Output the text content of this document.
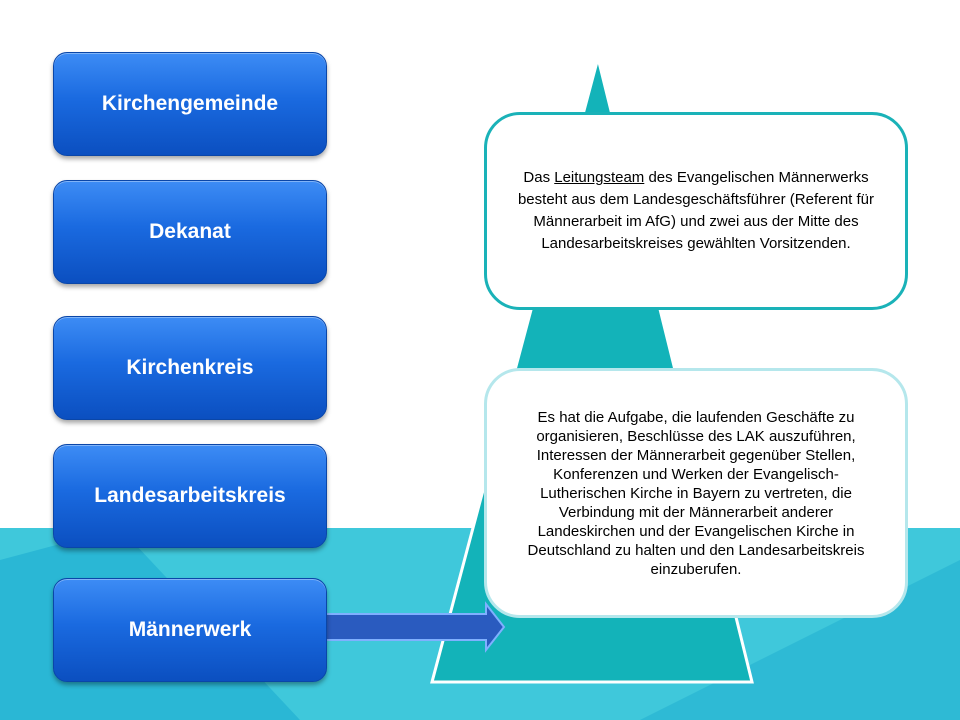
Kirchengemeinde
Dekanat
Kirchenkreis
Landesarbeitskreis
Männerwerk
Das Leitungsteam des Evangelischen Männerwerks besteht aus dem Landesgeschäftsführer (Referent für Männerarbeit im AfG) und zwei aus der Mitte des Landesarbeitskreises gewählten Vorsitzenden.
Es hat die Aufgabe, die laufenden Geschäfte zu organisieren, Beschlüsse des LAK auszuführen, Interessen der Männerarbeit gegenüber Stellen, Konferenzen und Werken der Evangelisch-Lutherischen Kirche in Bayern zu vertreten, die Verbindung mit der Männerarbeit anderer Landeskirchen und der Evangelischen Kirche in Deutschland zu halten und den Landesarbeitskreis einzuberufen.
